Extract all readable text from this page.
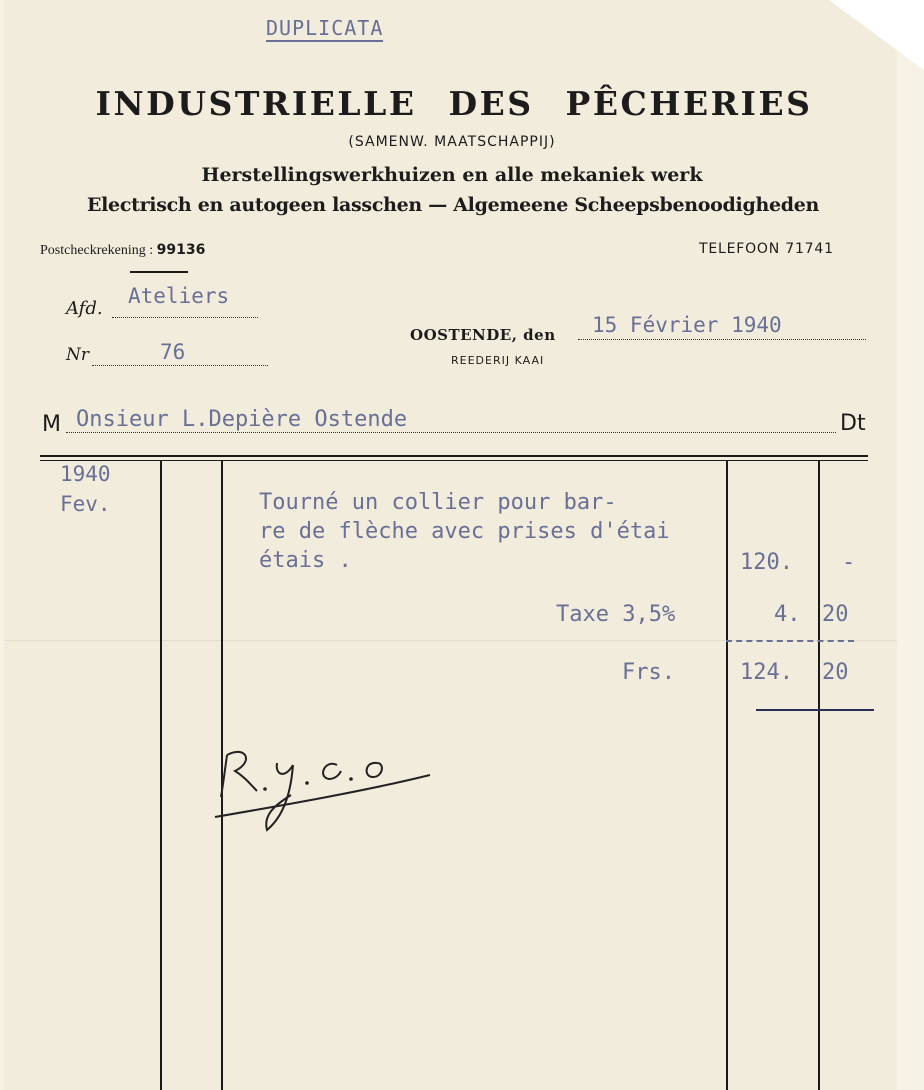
DUPLICATA
INDUSTRIELLE DES PÊCHERIES
(SAMENW. MAATSCHAPPIJ)
Herstellingswerkhuizen en alle mekaniek werk
Electrisch en autogeen lasschen — Algemeene Scheepsbenoodigheden
Postcheckrekening : 99136	TELEFOON 71741
Afd.
Ateliers
Nr	76
OOSTENDE, den 15 Février 1940
REEDERIJ KAAI
M Onsieur L.Depière Ostende	Dt
1940
Fev.	Tourné un collier pour bar-
re de flèche avec prises d'étai
étais .	120. -
Taxe 3,5%	4. 20
Frs.	124. 20
